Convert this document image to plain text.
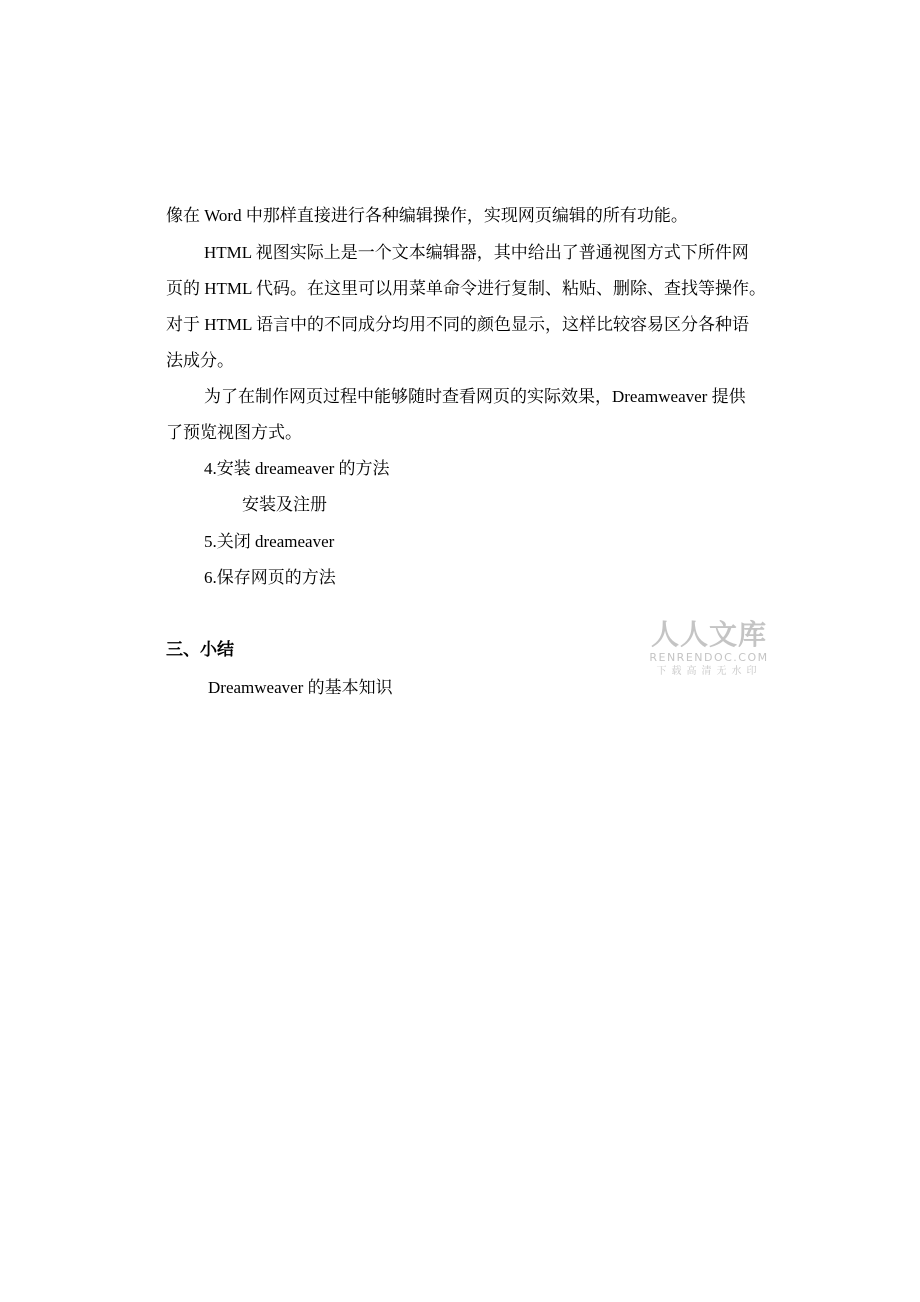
像在 Word 中那样直接进行各种编辑操作，实现网页编辑的所有功能。
HTML 视图实际上是一个文本编辑器，其中给出了普通视图方式下所件网
页的 HTML 代码。在这里可以用菜单命令进行复制、粘贴、删除、查找等操作。
对于 HTML 语言中的不同成分均用不同的颜色显示，这样比较容易区分各种语
法成分。
为了在制作网页过程中能够随时查看网页的实际效果，Dreamweaver 提供
了预览视图方式。
4.安装 dreameaver 的方法
安装及注册
5.关闭 dreameaver
6.保存网页的方法
三、小结
Dreamweaver 的基本知识
人人文库
RENRENDOC.COM
下载高清无水印
